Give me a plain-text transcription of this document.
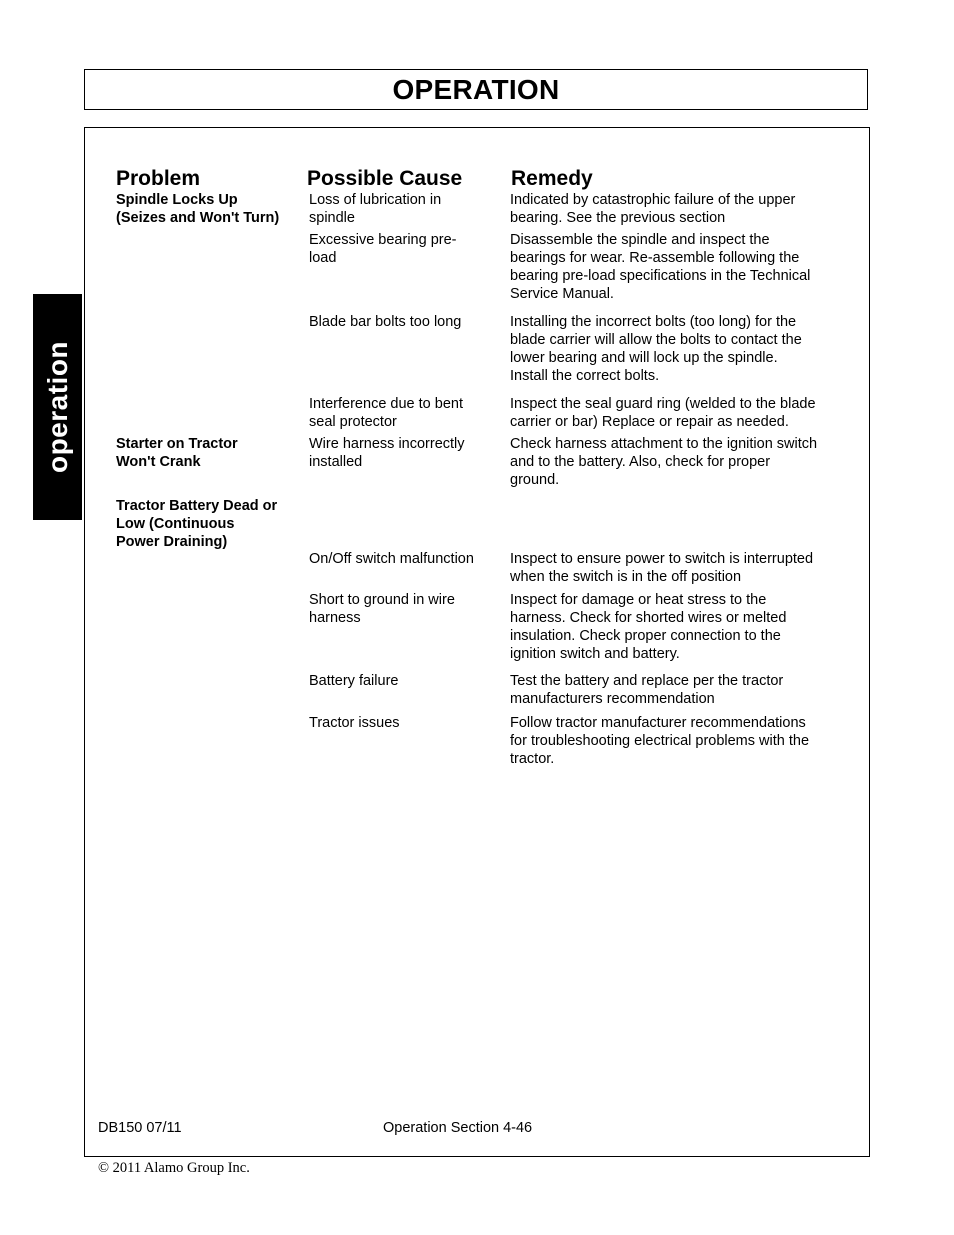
OPERATION
operation
Problem	Possible Cause Remedy
Spindle Locks Up
(Seizes and Won't Turn)
Starter on Tractor
Won't Crank
Tractor Battery Dead or
Low (Continuous
Power Draining)
Loss of lubrication in
spindle
Excessive bearing pre-
load
Blade bar bolts too long
Interference due to bent
seal protector
Wire harness incorrectly
installed
On/Off switch malfunction
Short to ground in wire
harness
Battery failure
Tractor issues
Indicated by catastrophic failure of the upper
bearing. See the previous section
Disassemble the spindle and inspect the
bearings for wear. Re-assemble following the
bearing pre-load specifications in the Technical
Service Manual.
Installing the incorrect bolts (too long) for the
blade carrier will allow the bolts to contact the
lower bearing and will lock up the spindle.
Install the correct bolts.
Inspect the seal guard ring (welded to the blade
carrier or bar) Replace or repair as needed.
Check harness attachment to the ignition switch
and to the battery. Also, check for proper
ground.
Inspect to ensure power to switch is interrupted
when the switch is in the off position
Inspect for damage or heat stress to the
harness. Check for shorted wires or melted
insulation. Check proper connection to the
ignition switch and battery.
Test the battery and replace per the tractor
manufacturers recommendation
Follow tractor manufacturer recommendations
for troubleshooting electrical problems with the
tractor.
DB150 07/11	Operation Section 4-46
© 2011 Alamo Group Inc.
